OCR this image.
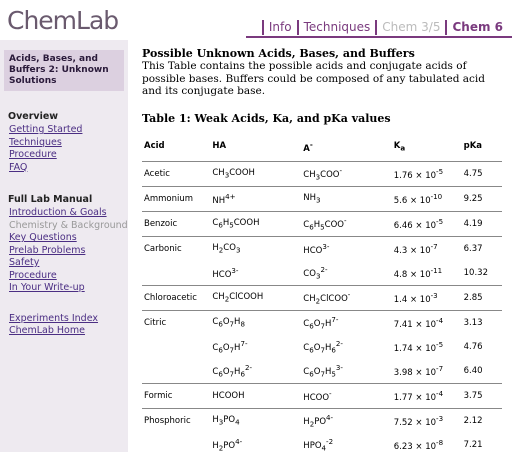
ChemLab	Info	Techniques	Chem 3/5	Chem 6
Acids, Bases, and Buffers 2: Unknown Solutions
Overview
Getting Started
Techniques
Procedure
FAQ
Full Lab Manual
Introduction & Goals
Chemistry & Background
Key Questions
Prelab Problems
Safety
Procedure
In Your Write-up
Experiments Index
ChemLab Home
Possible Unknown Acids, Bases, and Buffers
This Table contains the possible acids and conjugate acids of possible bases. Buffers could be composed of any tabulated acid and its conjugate base.
Table 1: Weak Acids, Ka, and pKa values
Acid	HA	A-	$K_a$	pKa
Acetic	$CH_3COOH$	$CH_3COO^-$	$1.76 \times 10^{-5}$	4.75
Ammonium	$NH^{4+}$	$NH_3$	$5.6 \times 10^{-10}$	9.25
Benzoic	$C_6H_5COOH$	$C_6H_5COO^-$	$6.46 \times 10^{-5}$	4.19
Carbonic	$H_2CO_3$	$HCO^{3-}$	$4.3 \times 10^{-7}$	6.37
	$HCO^{3-}$	$CO_3^{2-}$	$4.8 \times 10^{-11}$	10.32
Chloroacetic	$CH_2ClCOOH$	$CH_2ClCOO^-$	$1.4 \times 10^{-3}$	2.85
Citric	$C_6O_7H_8$	$C_6O_7H^{7-}$	$7.41 \times 10^{-4}$	3.13
	$C_6O_7H^{7-}$	$C_6O_7H_6^{2-}$	$1.74 \times 10^{-5}$	4.76
	$C_6O_7H_6^{2-}$	$C_6O_7H_5^{3-}$	$3.98 \times 10^{-7}$	6.40
Formic	HCOOH	HCOO-	$1.77 \times 10^{-4}$	3.75
Phosphoric	$H_3PO_4$	$H_2PO^{4-}$	$7.52 \times 10^{-3}$	2.12
	$H_2PO^{4-}$	$HPO_4^{-2}$	$6.23 \times 10^{-8}$	7.21
